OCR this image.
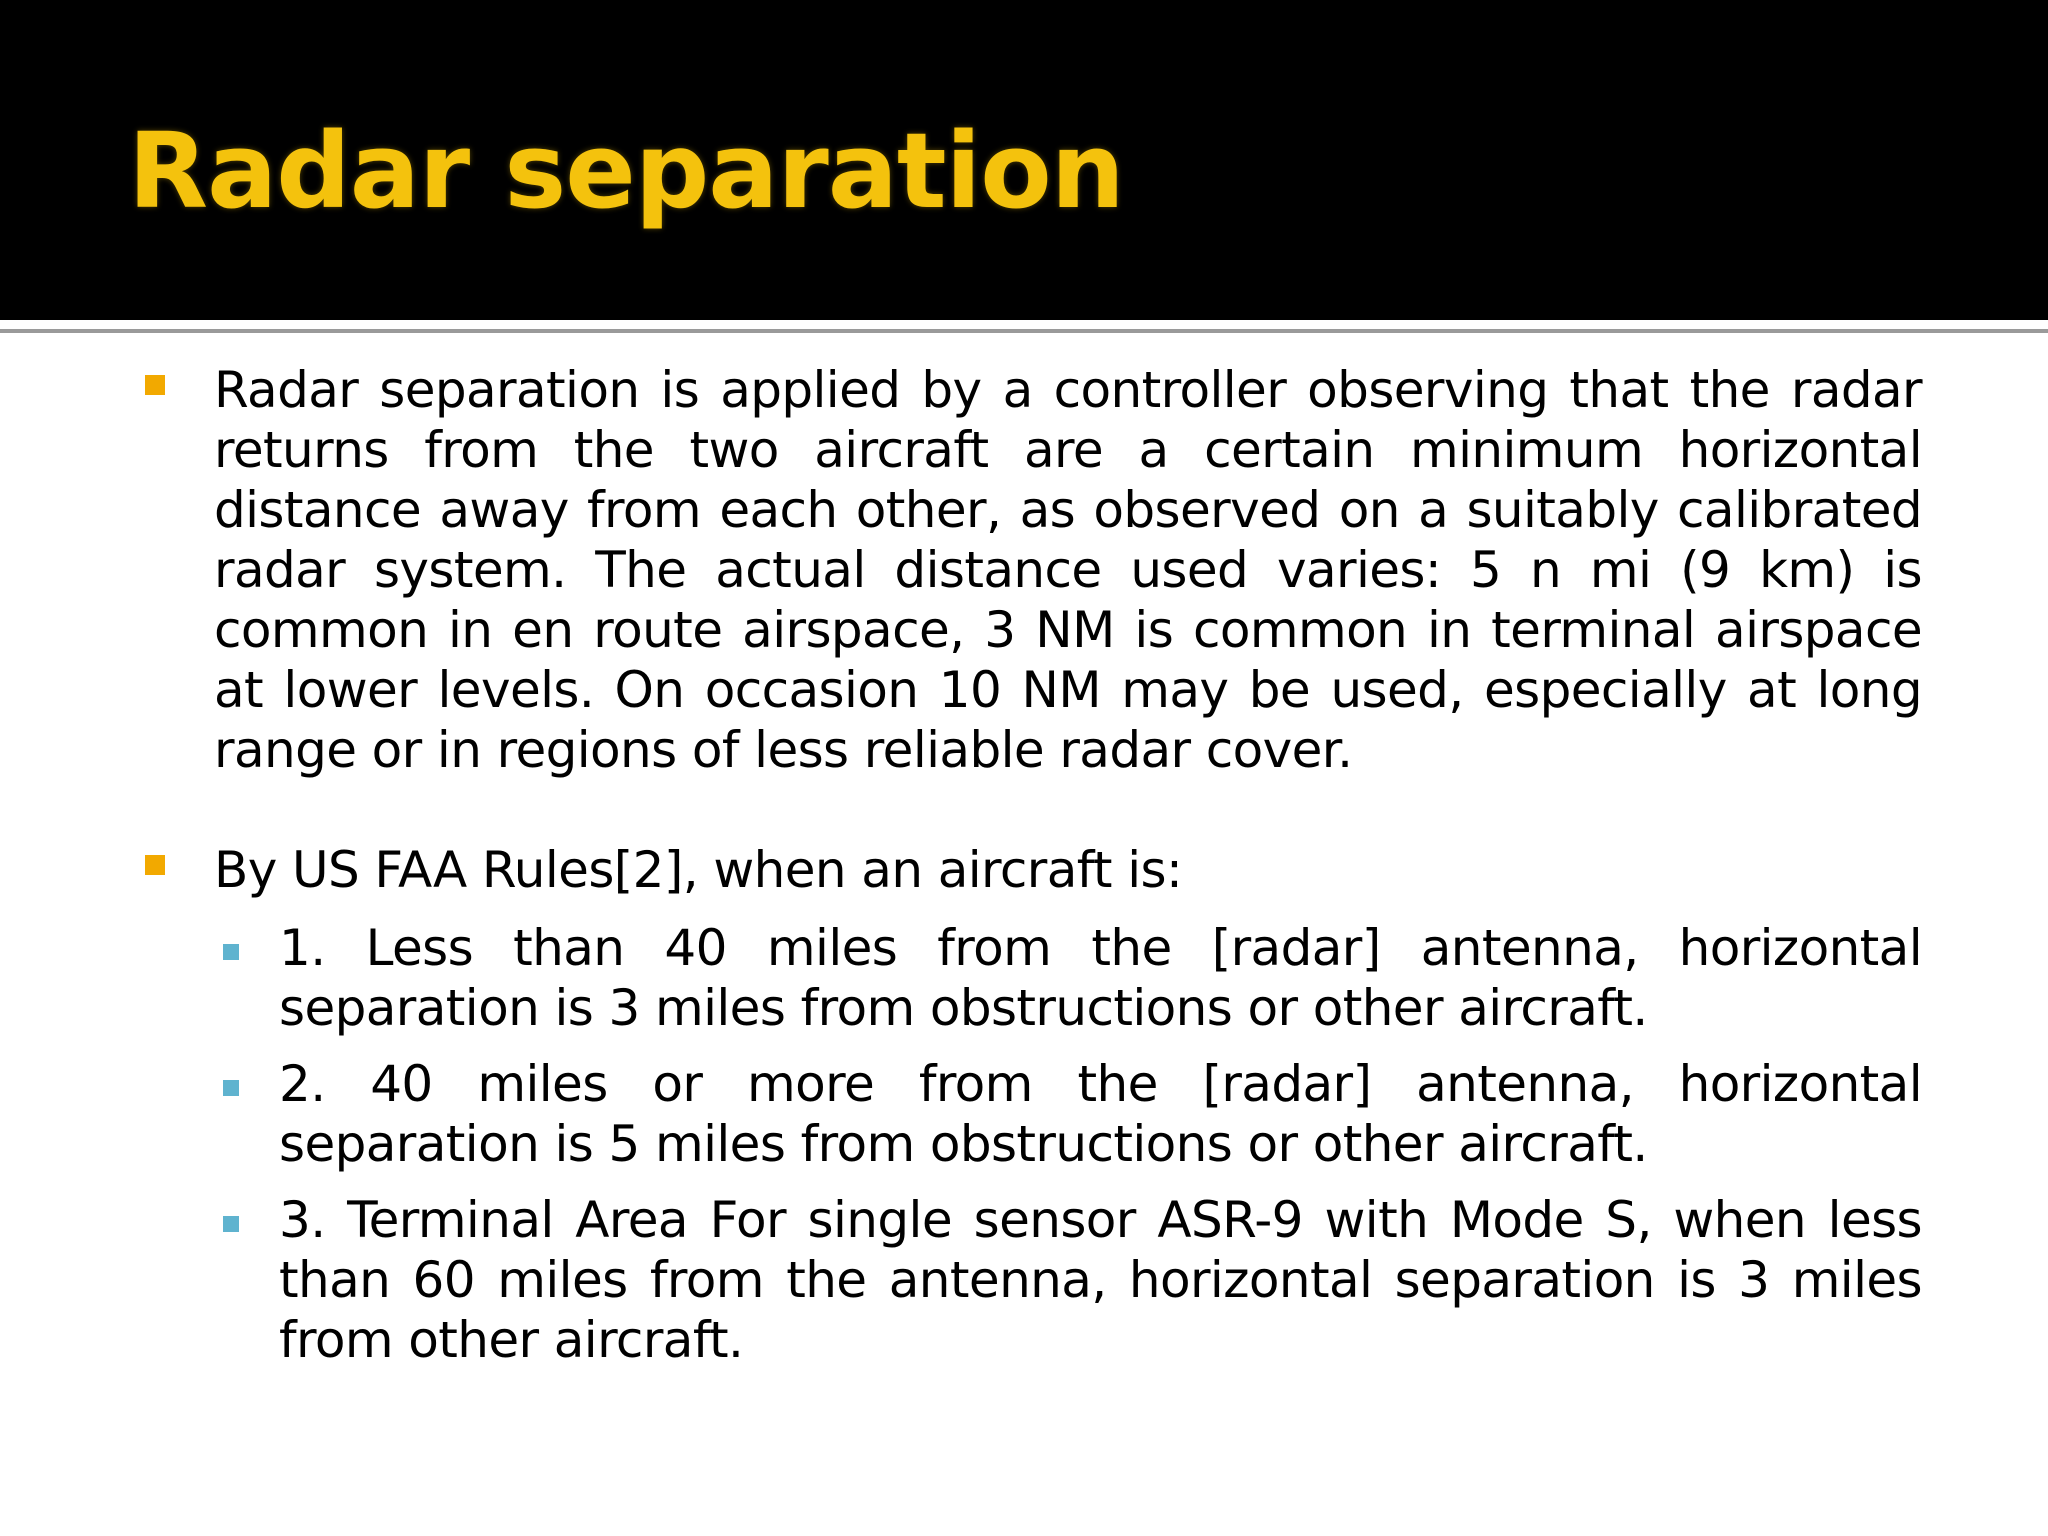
Radar separation

Radar separation is applied by a controller observing that the radar returns from the two aircraft are a certain minimum horizontal distance away from each other, as observed on a suitably calibrated radar system. The actual distance used varies: 5 n mi (9 km) is common in en route airspace, 3 NM is common in terminal airspace at lower levels. On occasion 10 NM may be used, especially at long range or in regions of less reliable radar cover.

By US FAA Rules[2], when an aircraft is:

1. Less than 40 miles from the [radar] antenna, horizontal separation is 3 miles from obstructions or other aircraft.

2. 40 miles or more from the [radar] antenna, horizontal separation is 5 miles from obstructions or other aircraft.

3. Terminal Area For single sensor ASR-9 with Mode S, when less than 60 miles from the antenna, horizontal separation is 3 miles from other aircraft.
